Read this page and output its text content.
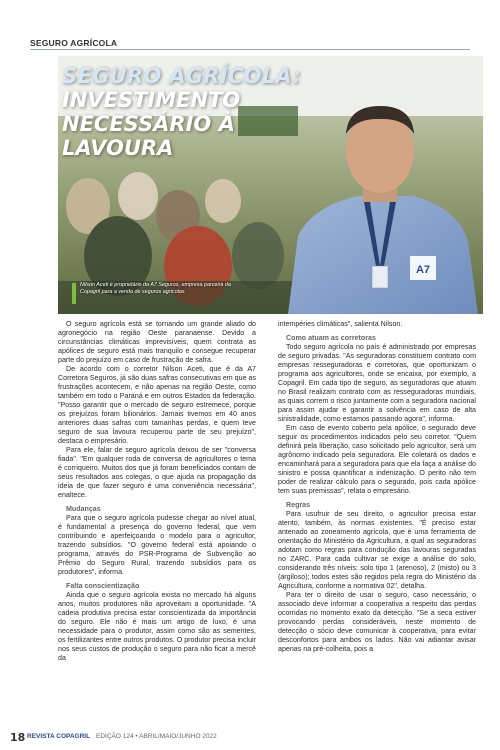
SEGURO AGRÍCOLA
A7
SEGURO AGRÍCOLA:
INVESTIMENTO
NECESSÁRIO À
LAVOURA
Nilson Aceti é proprietário da A7 Seguros, empresa parceira da Copagril para a venda de seguros agrícolas

O seguro agrícola está se tornando um grande aliado do agronegócio na região Oeste paranaense. Devido a circunstâncias climáticas imprevisíveis, quem contrata as apólices de seguro está mais tranquilo e consegue recuperar parte do prejuízo em caso de frustração de safra.

De acordo com o corretor Nilson Aceti, que é da A7 Corretora Seguros, já são duas safras consecutivas em que as frustrações acontecem, e não apenas na região Oeste, como também em todo o Paraná e em outros Estados da federação. "Posso garantir que o mercado de seguro estremece, porque os prejuízos foram bilionários. Jamais tivemos em 40 anos anteriores duas safras com tamanhas perdas, e quem teve seguro de sua lavoura recuperou parte de seu prejuízo", destaca o empresário.

Para ele, falar de seguro agrícola deixou de ser "conversa fiada". "Em qualquer roda de conversa de agricultores o tema é corriqueiro. Muitos dos que já foram beneficiados contam de seus resultados aos colegas, o que ajuda na propagação da ideia de que fazer seguro é uma conveniência necessária", enaltece.

Mudanças

Para que o seguro agrícola pudesse chegar ao nível atual, é fundamental a presença do governo federal, que vem contribuindo e aperfeiçoando o modelo para o agricultor, trazendo subsídios. "O governo federal está apoiando o programa, através do PSR-Programa de Subvenção ao Prêmio do Seguro Rural, trazendo subsídios para os produtores", informa.

Falta conscientização

Ainda que o seguro agrícola exista no mercado há alguns anos, muitos produtores não aproveitam a oportunidade. "A cadeia produtiva precisa estar conscientizada da importância do seguro. Ele não é mais um artigo de luxo, é uma necessidade para o produtor, assim como são as sementes, os fertilizantes entre outros produtos. O produtor precisa incluir nos seus custos de produção o seguro para não ficar a mercê da

intempéries climáticas", salienta Nilson.

Como atuam as corretoras

Todo seguro agrícola no país é administrado por empresas de seguro privadas. "As seguradoras constituem contrato com empresas resseguradoras e corretoras, que oportunizam o programa aos agricultores, onde se encaixa, por exemplo, a Copagril. Em cada tipo de seguro, as seguradoras que atuam no Brasil realizam contrato com as resseguradoras mundiais, as quais correm o risco juntamente com a seguradora nacional para assim ajudar e garantir a solvência em caso de alta sinistralidade, como estamos passando agora", informa.

Em caso de evento coberto pela apólice, o segurado deve seguir os procedimentos indicados pelo seu corretor. "Quem definirá pela liberação, caso solicitado pelo agricultor, será um agrônomo indicado pela seguradora. Ele coletará os dados e encaminhará para a seguradora para que ela faça a análise do sinistro e possa quantificar a indenização. O perito não tem poder de realizar cálculo para o segurado, pois cada apólice tem suas premissas", relata o empresário.

Regras

Para usufruir de seu direito, o agricultor precisa estar atento, também, às normas existentes. "É preciso estar antenado ao zoneamento agrícola, que é uma ferramenta de orientação do Ministério da Agricultura, a qual as seguradoras adotam como regras para condução das lavouras seguradas no ZARC. Para cada cultivar se exige a análise do solo, considerando três níveis: solo tipo 1 (arenoso), 2 (misto) ou 3 (argiloso); todos estes são regidos pela regra do Ministério da Agricultura, conforme a normativa 02", detalha.

Para ter o direito de usar o seguro, caso necessário, o associado deve informar a cooperativa a respeito das perdas ocorridas no momento exato da detecção. "Se a seca estiver provocando perdas consideráveis, neste momento de detecção o sócio deve comunicar à cooperativa, para evitar desconfortos para ambos os lados. Não vai adiantar avisar apenas na pré-colheita, pois a

18 REVISTA COPAGRIL EDIÇÃO 124 • ABRIL/MAIO/JUNHO 2022
